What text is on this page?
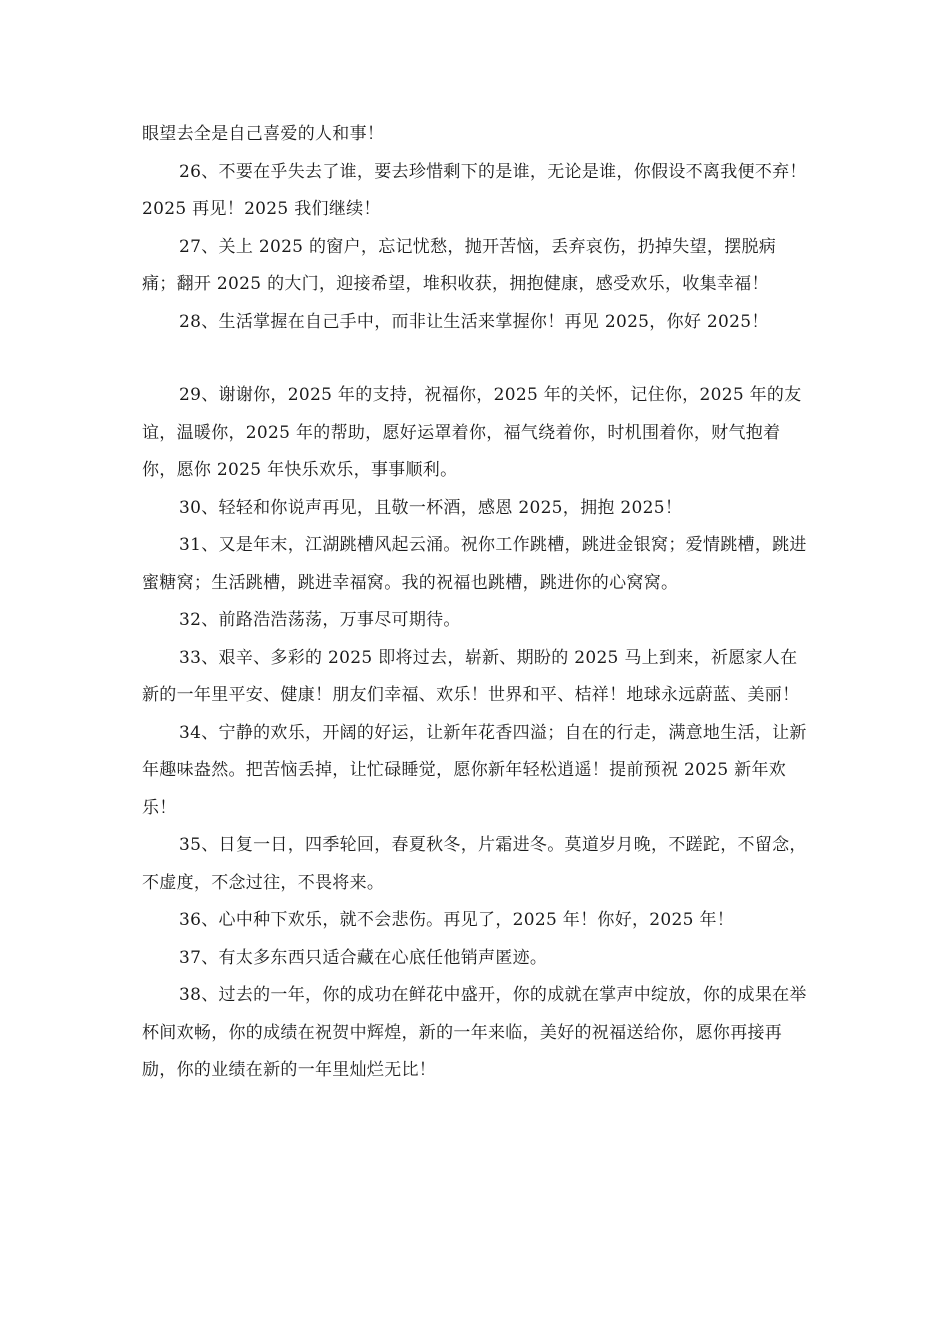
眼望去全是自己喜爱的人和事！

26、不要在乎失去了谁，要去珍惜剩下的是谁，无论是谁，你假设不离我便不弃！2025 再见！2025 我们继续！

27、关上 2025 的窗户，忘记忧愁，抛开苦恼，丢弃哀伤，扔掉失望，摆脱病痛；翻开 2025 的大门，迎接希望，堆积收获，拥抱健康，感受欢乐，收集幸福！

28、生活掌握在自己手中，而非让生活来掌握你！再见 2025，你好 2025！

29、谢谢你，2025 年的支持，祝福你，2025 年的关怀，记住你，2025 年的友谊，温暖你，2025 年的帮助，愿好运罩着你，福气绕着你，时机围着你，财气抱着你，愿你 2025 年快乐欢乐，事事顺利。

30、轻轻和你说声再见，且敬一杯酒，感恩 2025，拥抱 2025！

31、又是年末，江湖跳槽风起云涌。祝你工作跳槽，跳进金银窝；爱情跳槽，跳进蜜糖窝；生活跳槽，跳进幸福窝。我的祝福也跳槽，跳进你的心窝窝。

32、前路浩浩荡荡，万事尽可期待。

33、艰辛、多彩的 2025 即将过去，崭新、期盼的 2025 马上到来，祈愿家人在新的一年里平安、健康！朋友们幸福、欢乐！世界和平、桔祥！地球永远蔚蓝、美丽！

34、宁静的欢乐，开阔的好运，让新年花香四溢；自在的行走，满意地生活，让新年趣味盎然。把苦恼丢掉，让忙碌睡觉，愿你新年轻松逍遥！提前预祝 2025 新年欢乐！

35、日复一日，四季轮回，春夏秋冬，片霜进冬。莫道岁月晚，不蹉跎，不留念，不虚度，不念过往，不畏将来。

36、心中种下欢乐，就不会悲伤。再见了，2025 年！你好，2025 年！

37、有太多东西只适合藏在心底任他销声匿迹。

38、过去的一年，你的成功在鲜花中盛开，你的成就在掌声中绽放，你的成果在举杯间欢畅，你的成绩在祝贺中辉煌，新的一年来临，美好的祝福送给你，愿你再接再励，你的业绩在新的一年里灿烂无比！
